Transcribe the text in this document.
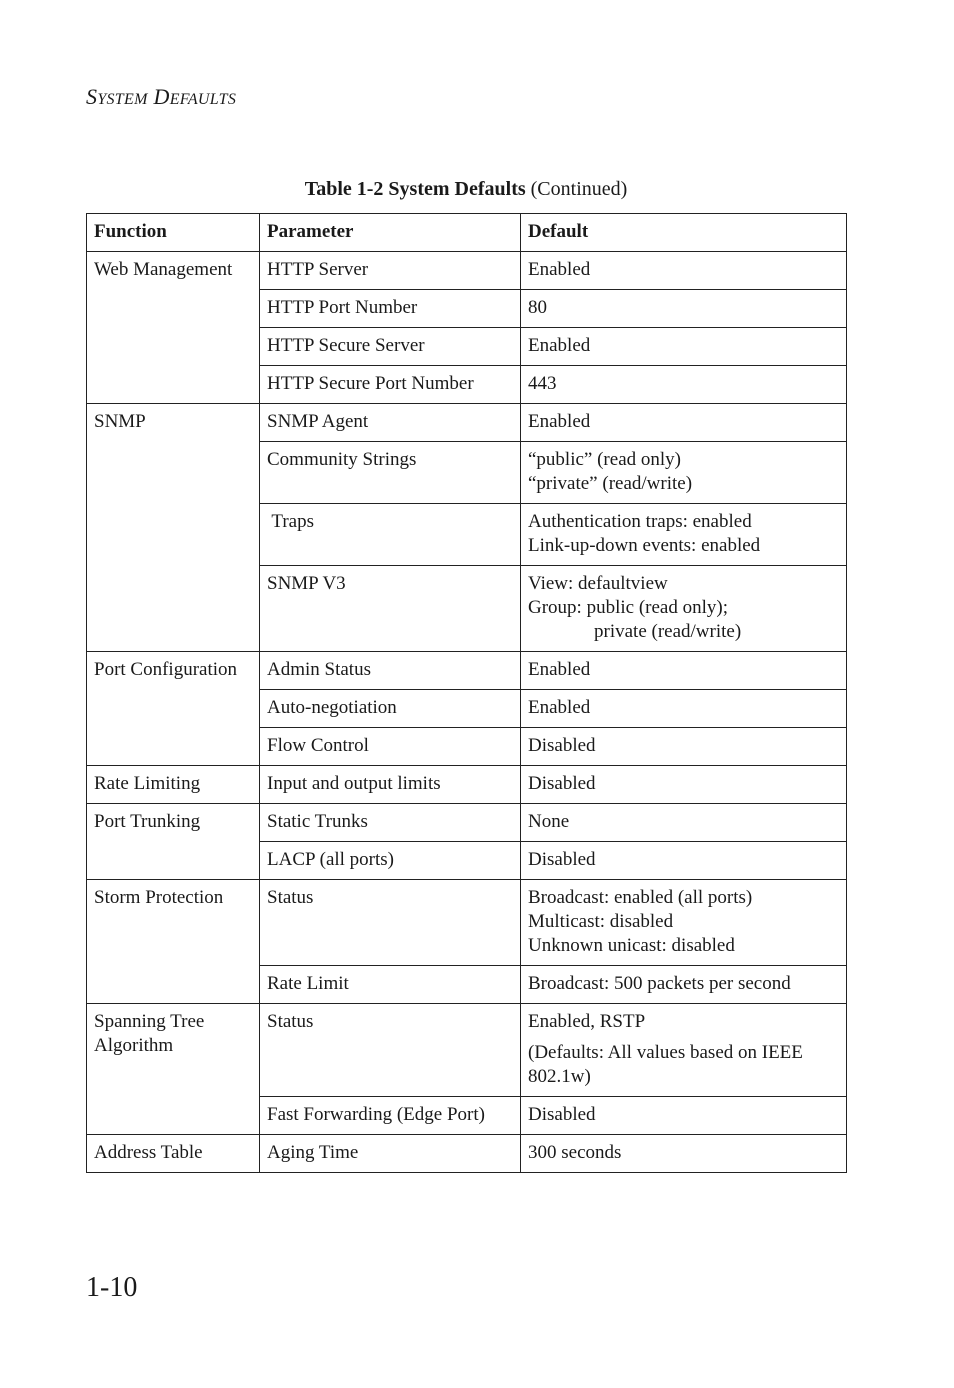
SYSTEM DEFAULTS
Table 1-2 System Defaults (Continued)
Function	Parameter	Default
Web Management	HTTP Server	Enabled

	HTTP Port Number	80

	HTTP Secure Server	Enabled

	HTTP Secure Port Number	443

SNMP	SNMP Agent	Enabled

	Community Strings	“public” (read only)
“private” (read/write)

	Traps	Authentication traps: enabled
Link-up-down events: enabled

	SNMP V3	View: defaultview
Group: public (read only);
private (read/write)

Port Configuration	Admin Status	Enabled

	Auto-negotiation	Enabled

	Flow Control	Disabled

Rate Limiting	Input and output limits	Disabled

Port Trunking	Static Trunks	None

	LACP (all ports)	Disabled

Storm Protection	Status	Broadcast: enabled (all ports)
Multicast: disabled
Unknown unicast: disabled

	Rate Limit	Broadcast: 500 packets per second

Spanning Tree Algorithm	Status	Enabled, RSTP
(Defaults: All values based on IEEE 802.1w)

	Fast Forwarding (Edge Port)	Disabled

Address Table	Aging Time	300 seconds
1-10
